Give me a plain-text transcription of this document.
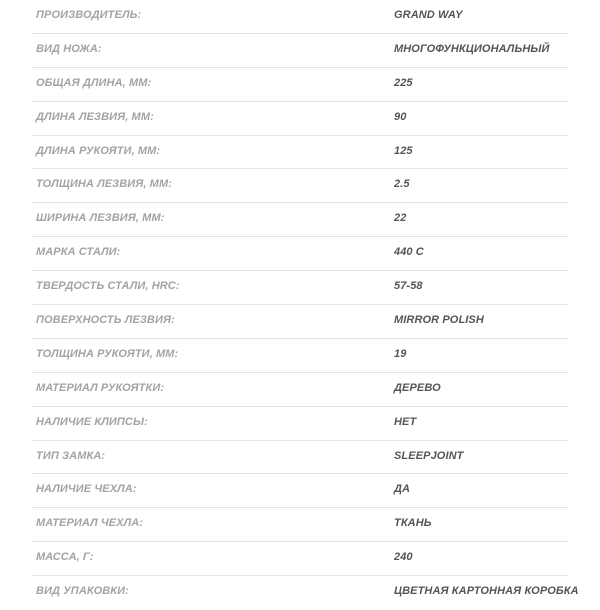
ПРОИЗВОДИТЕЛЬ:	GRAND WAY
ВИД НОЖА:	МНОГОФУНКЦИОНАЛЬНЫЙ
ОБЩАЯ ДЛИНА, ММ:	225
ДЛИНА ЛЕЗВИЯ, ММ:	90
ДЛИНА РУКОЯТИ, ММ:	125
ТОЛЩИНА ЛЕЗВИЯ, ММ:	2.5
ШИРИНА ЛЕЗВИЯ, ММ:	22
МАРКА СТАЛИ:	440 C
ТВЕРДОСТЬ СТАЛИ, HRC:	57-58
ПОВЕРХНОСТЬ ЛЕЗВИЯ:	MIRROR POLISH
ТОЛЩИНА РУКОЯТИ, ММ:	19
МАТЕРИАЛ РУКОЯТКИ:	ДЕРЕВО
НАЛИЧИЕ КЛИПСЫ:	НЕТ
ТИП ЗАМКА:	SLEEPJOINT
НАЛИЧИЕ ЧЕХЛА:	ДА
МАТЕРИАЛ ЧЕХЛА:	ТКАНЬ
МАССА, Г:	240
ВИД УПАКОВКИ:	ЦВЕТНАЯ КАРТОННАЯ КОРОБКА
